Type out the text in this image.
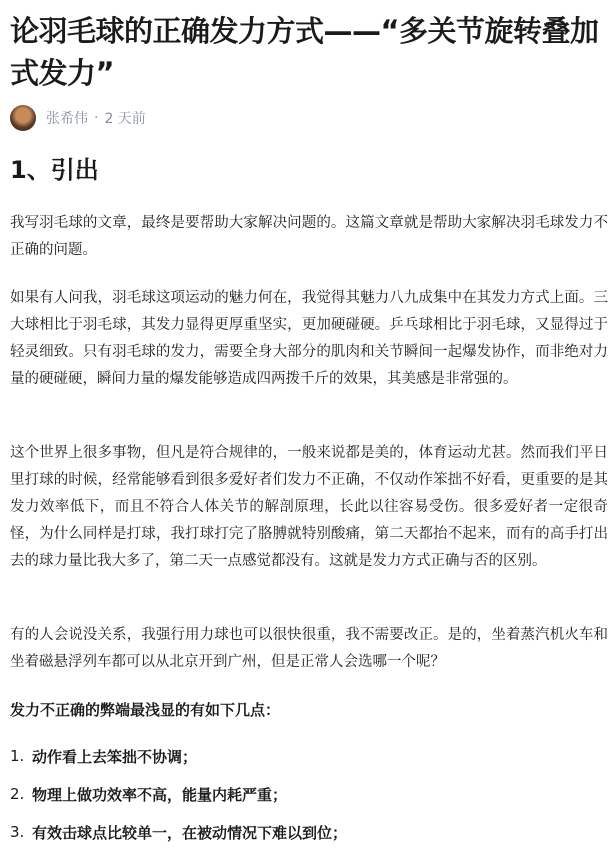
论羽毛球的正确发力方式——“多关节旋转叠加式发力”
张希伟 · 2 天前
1、引出

我写羽毛球的文章，最终是要帮助大家解决问题的。这篇文章就是帮助大家解决羽毛球发力不正确的问题。

如果有人问我，羽毛球这项运动的魅力何在，我觉得其魅力八九成集中在其发力方式上面。三大球相比于羽毛球，其发力显得更厚重坚实，更加硬碰硬。乒乓球相比于羽毛球，又显得过于轻灵细致。只有羽毛球的发力，需要全身大部分的肌肉和关节瞬间一起爆发协作，而非绝对力量的硬碰硬，瞬间力量的爆发能够造成四两拨千斤的效果，其美感是非常强的。

这个世界上很多事物，但凡是符合规律的，一般来说都是美的，体育运动尤甚。然而我们平日里打球的时候，经常能够看到很多爱好者们发力不正确，不仅动作笨拙不好看，更重要的是其发力效率低下，而且不符合人体关节的解剖原理，长此以往容易受伤。很多爱好者一定很奇怪，为什么同样是打球，我打球打完了胳膊就特别酸痛，第二天都抬不起来，而有的高手打出去的球力量比我大多了，第二天一点感觉都没有。这就是发力方式正确与否的区别。

有的人会说没关系，我强行用力球也可以很快很重，我不需要改正。是的，坐着蒸汽机火车和坐着磁悬浮列车都可以从北京开到广州，但是正常人会选哪一个呢？

发力不正确的弊端最浅显的有如下几点：

1. 动作看上去笨拙不协调；
2. 物理上做功效率不高，能量内耗严重；
3. 有效击球点比较单一，在被动情况下难以到位；
